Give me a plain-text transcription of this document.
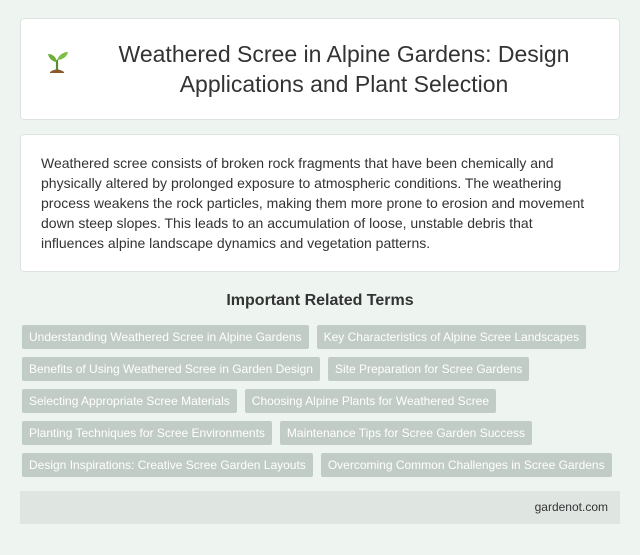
Weathered Scree in Alpine Gardens: Design Applications and Plant Selection

Weathered scree consists of broken rock fragments that have been chemically and physically altered by prolonged exposure to atmospheric conditions. The weathering process weakens the rock particles, making them more prone to erosion and movement down steep slopes. This leads to an accumulation of loose, unstable debris that influences alpine landscape dynamics and vegetation patterns.

Important Related Terms
Understanding Weathered Scree in Alpine Gardens	Key Characteristics of Alpine Scree Landscapes
Benefits of Using Weathered Scree in Garden Design	Site Preparation for Scree Gardens
Selecting Appropriate Scree Materials	Choosing Alpine Plants for Weathered Scree
Planting Techniques for Scree Environments	Maintenance Tips for Scree Garden Success
Design Inspirations: Creative Scree Garden Layouts	Overcoming Common Challenges in Scree Gardens
gardenot.com
